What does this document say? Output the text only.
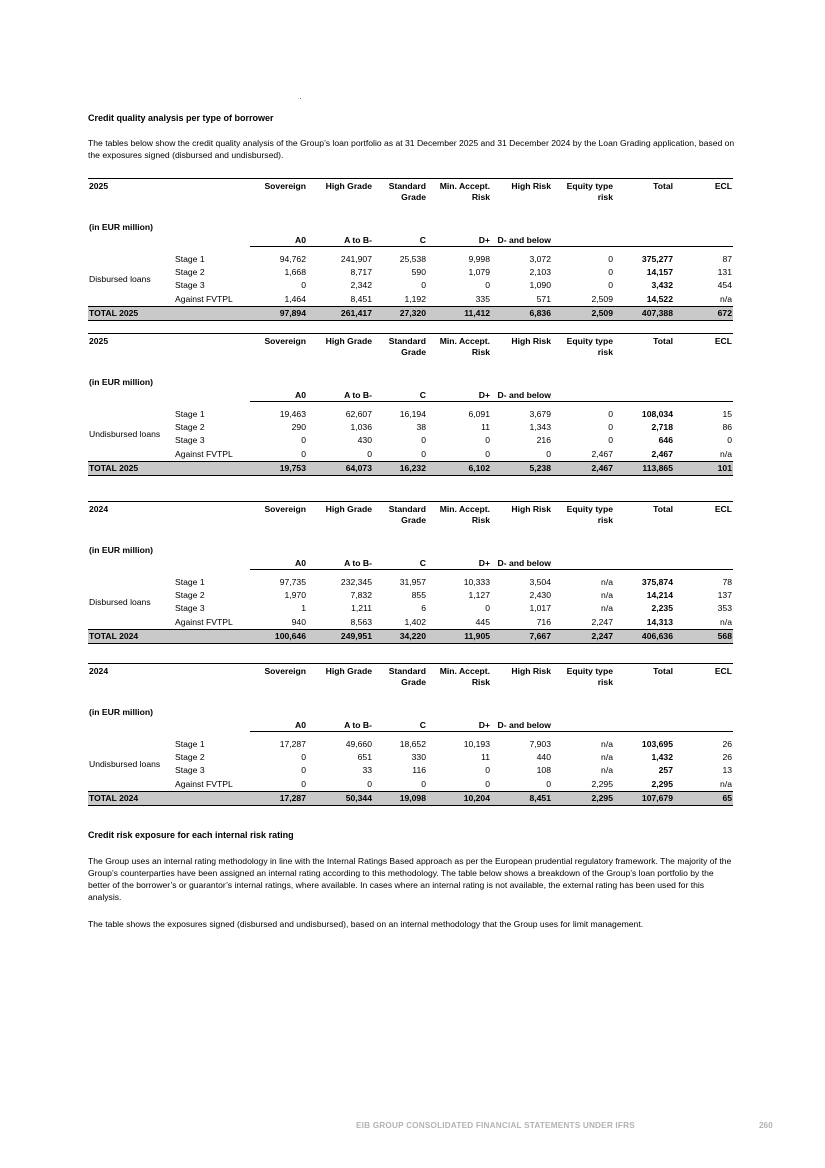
Credit quality analysis per type of borrower
The tables below show the credit quality analysis of the Group’s loan portfolio as at 31 December 2025 and 31 December 2024 by the Loan Grading application, based on the exposures signed (disbursed and undisbursed).
2025		Sovereign	High Grade	Standard Grade	Min. Accept. Risk	High Risk	Equity type risk	Total	ECL
(in EUR million)		A0	A to B-	C	D+	D- and below			

Disbursed loans	Stage 1	94,762	241,907	25,538	9,998	3,072	0	375,277	87
	Stage 2	1,668	8,717	590	1,079	2,103	0	14,157	131
	Stage 3	0	2,342	0	0	1,090	0	3,432	454
	Against FVTPL	1,464	8,451	1,192	335	571	2,509	14,522	n/a
TOTAL 2025		97,894	261,417	27,320	11,412	6,836	2,509	407,388	672
2025		Sovereign	High Grade	Standard Grade	Min. Accept. Risk	High Risk	Equity type risk	Total	ECL
(in EUR million)		A0	A to B-	C	D+	D- and below			

Undisbursed loans	Stage 1	19,463	62,607	16,194	6,091	3,679	0	108,034	15
	Stage 2	290	1,036	38	11	1,343	0	2,718	86
	Stage 3	0	430	0	0	216	0	646	0
	Against FVTPL	0	0	0	0	0	2,467	2,467	n/a
TOTAL 2025		19,753	64,073	16,232	6,102	5,238	2,467	113,865	101
2024		Sovereign	High Grade	Standard Grade	Min. Accept. Risk	High Risk	Equity type risk	Total	ECL
(in EUR million)		A0	A to B-	C	D+	D- and below			

Disbursed loans	Stage 1	97,735	232,345	31,957	10,333	3,504	n/a	375,874	78
	Stage 2	1,970	7,832	855	1,127	2,430	n/a	14,214	137
	Stage 3	1	1,211	6	0	1,017	n/a	2,235	353
	Against FVTPL	940	8,563	1,402	445	716	2,247	14,313	n/a
TOTAL 2024		100,646	249,951	34,220	11,905	7,667	2,247	406,636	568
2024		Sovereign	High Grade	Standard Grade	Min. Accept. Risk	High Risk	Equity type risk	Total	ECL
(in EUR million)		A0	A to B-	C	D+	D- and below			

Undisbursed loans	Stage 1	17,287	49,660	18,652	10,193	7,903	n/a	103,695	26
	Stage 2	0	651	330	11	440	n/a	1,432	26
	Stage 3	0	33	116	0	108	n/a	257	13
	Against FVTPL	0	0	0	0	0	2,295	2,295	n/a
TOTAL 2024		17,287	50,344	19,098	10,204	8,451	2,295	107,679	65
Credit risk exposure for each internal risk rating
The Group uses an internal rating methodology in line with the Internal Ratings Based approach as per the European prudential regulatory framework. The majority of the Group’s counterparties have been assigned an internal rating according to this methodology. The table below shows a breakdown of the Group’s loan portfolio by the better of the borrower’s or guarantor’s internal ratings, where available. In cases where an internal rating is not available, the external rating has been used for this analysis.
The table shows the exposures signed (disbursed and undisbursed), based on an internal methodology that the Group uses for limit management.
EIB GROUP CONSOLIDATED FINANCIAL STATEMENTS UNDER IFRS	260
